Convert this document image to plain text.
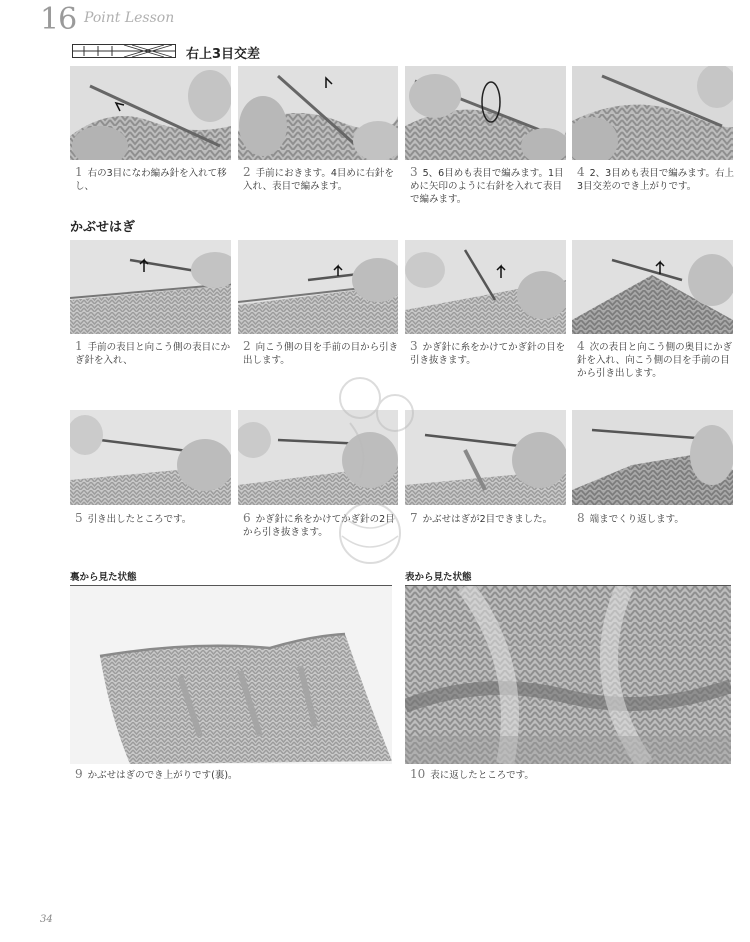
16 Point Lesson
右上3目交差
1 右の3目になわ編み針を入れて移し、
2 手前におきます。4目めに右針を入れ、表目で編みます。
3 5、6目めも表目で編みます。1目めに矢印のように右針を入れて表目で編みます。
4 2、3目めも表目で編みます。右上3目交差のでき上がりです。
かぶせはぎ
1 手前の表目と向こう側の表目にかぎ針を入れ、
2 向こう側の目を手前の目から引き出します。
3 かぎ針に糸をかけてかぎ針の目を引き抜きます。
4 次の表目と向こう側の奥目にかぎ針を入れ、向こう側の目を手前の目から引き出します。
5 引き出したところです。	6 かぎ針に糸をかけてかぎ針の2目から引き抜きます。
7 かぶせはぎが2目できました。	8 端までくり返します。
裏から見た状態	表から見た状態
9 かぶせはぎのでき上がりです(裏)。	10 表に返したところです。
34
